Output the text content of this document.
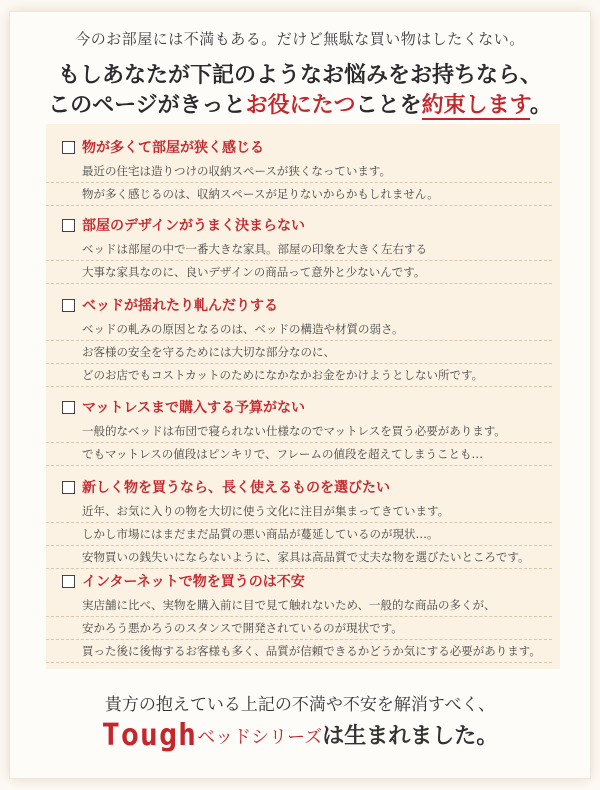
今のお部屋には不満もある。だけど無駄な買い物はしたくない。
もしあなたが下記のようなお悩みをお持ちなら、
このページがきっとお役にたつことを約束します。
物が多くて部屋が狭く感じる
最近の住宅は造りつけの収納スペースが狭くなっています。
物が多く感じるのは、収納スペースが足りないからかもしれません。
部屋のデザインがうまく決まらない
ベッドは部屋の中で一番大きな家具。部屋の印象を大きく左右する
大事な家具なのに、良いデザインの商品って意外と少ないんです。
ベッドが揺れたり軋んだりする
ベッドの軋みの原因となるのは、ベッドの構造や材質の弱さ。
お客様の安全を守るためには大切な部分なのに、
どのお店でもコストカットのためになかなかお金をかけようとしない所です。
マットレスまで購入する予算がない
一般的なベッドは布団で寝られない仕様なのでマットレスを買う必要があります。
でもマットレスの値段はピンキリで、フレームの値段を超えてしまうことも…
新しく物を買うなら、長く使えるものを選びたい
近年、お気に入りの物を大切に使う文化に注目が集まってきています。
しかし市場にはまだまだ品質の悪い商品が蔓延しているのが現状…。
安物買いの銭失いにならないように、家具は高品質で丈夫な物を選びたいところです。
インターネットで物を買うのは不安
実店舗に比べ、実物を購入前に目で見て触れないため、一般的な商品の多くが、
安かろう悪かろうのスタンスで開発されているのが現状です。
買った後に後悔するお客様も多く、品質が信頼できるかどうか気にする必要があります。
貴方の抱えている上記の不満や不安を解消すべく、
Toughベッドシリーズは生まれました。
